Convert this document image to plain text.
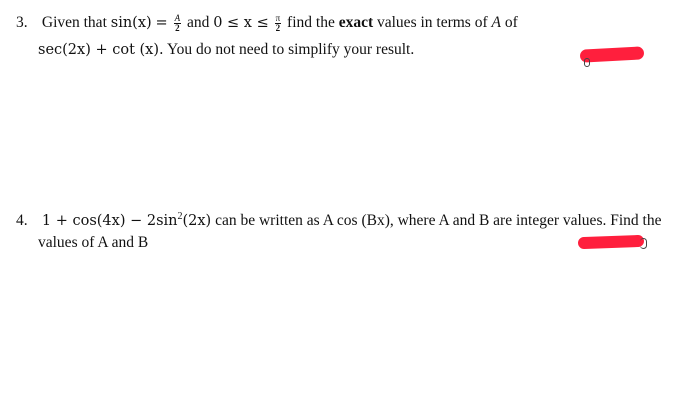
3. Given that $\sin(x) = \frac{A}{2}$ and $0 \le x \le \frac{\pi}{2}$ find the exact values in terms of A of
sec(2x) + cot (x). You do not need to simplify your result.
4. $1 + \cos(4x) - 2\sin^2(2x)$ can be written as A cos (Bx), where A and B are integer values. Find the
values of A and B
